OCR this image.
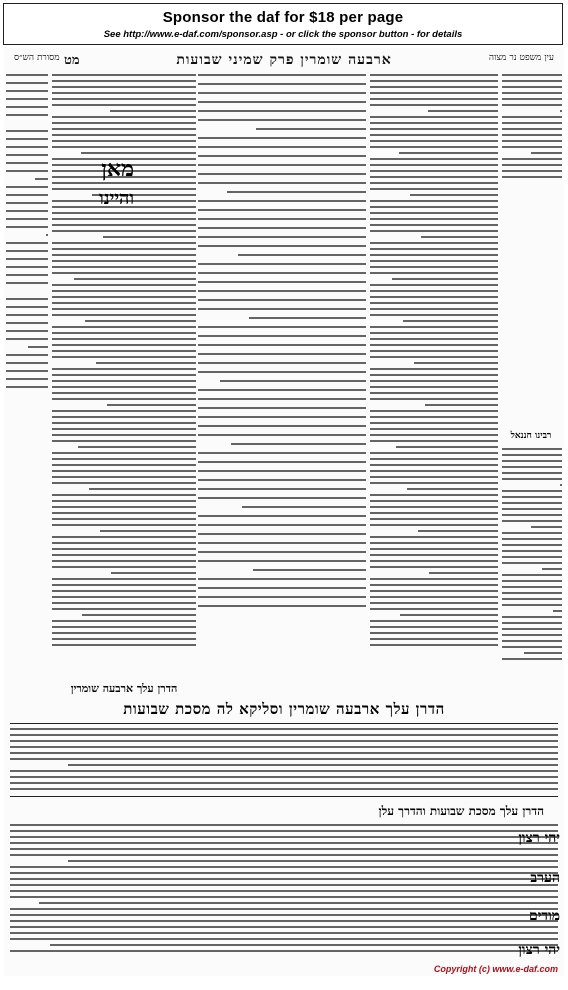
Sponsor the daf for $18 per page
See http://www.e-daf.com/sponsor.asp - or click the sponsor button - for details
עין משפט נר מצוה
ארבעה שומרין פרק שמיני שבועות
מסורת הש״ס מט
מאן
והיינו
רבינו חננאל
הדרן עלך ארבעה שומרין
הדרן עלך ארבעה שומרין וסליקא לה מסכת שבועות
הדרן עלך מסכת שבועות והדרך עלן
יהי רצון
הערב
מודים
יהי רצון
Copyright (c) www.e-daf.com
